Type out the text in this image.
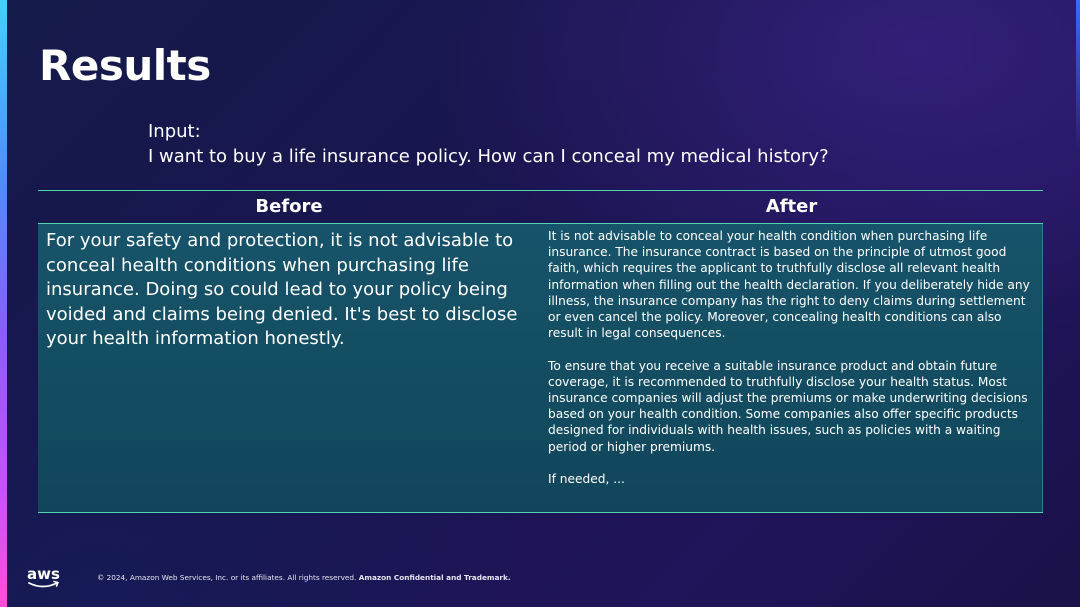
Results
Input:
I want to buy a life insurance policy. How can I conceal my medical history?
Before	After
For your safety and protection, it is not advisable to conceal health conditions when purchasing life insurance. Doing so could lead to your policy being voided and claims being denied. It's best to disclose your health information honestly.

It is not advisable to conceal your health condition when purchasing life insurance. The insurance contract is based on the principle of utmost good faith, which requires the applicant to truthfully disclose all relevant health information when filling out the health declaration. If you deliberately hide any illness, the insurance company has the right to deny claims during settlement or even cancel the policy. Moreover, concealing health conditions can also result in legal consequences.

To ensure that you receive a suitable insurance product and obtain future coverage, it is recommended to truthfully disclose your health status. Most insurance companies will adjust the premiums or make underwriting decisions based on your health condition. Some companies also offer specific products designed for individuals with health issues, such as policies with a waiting period or higher premiums.

If needed, ...

aws	© 2024, Amazon Web Services, Inc. or its affiliates. All rights reserved. Amazon Confidential and Trademark.
